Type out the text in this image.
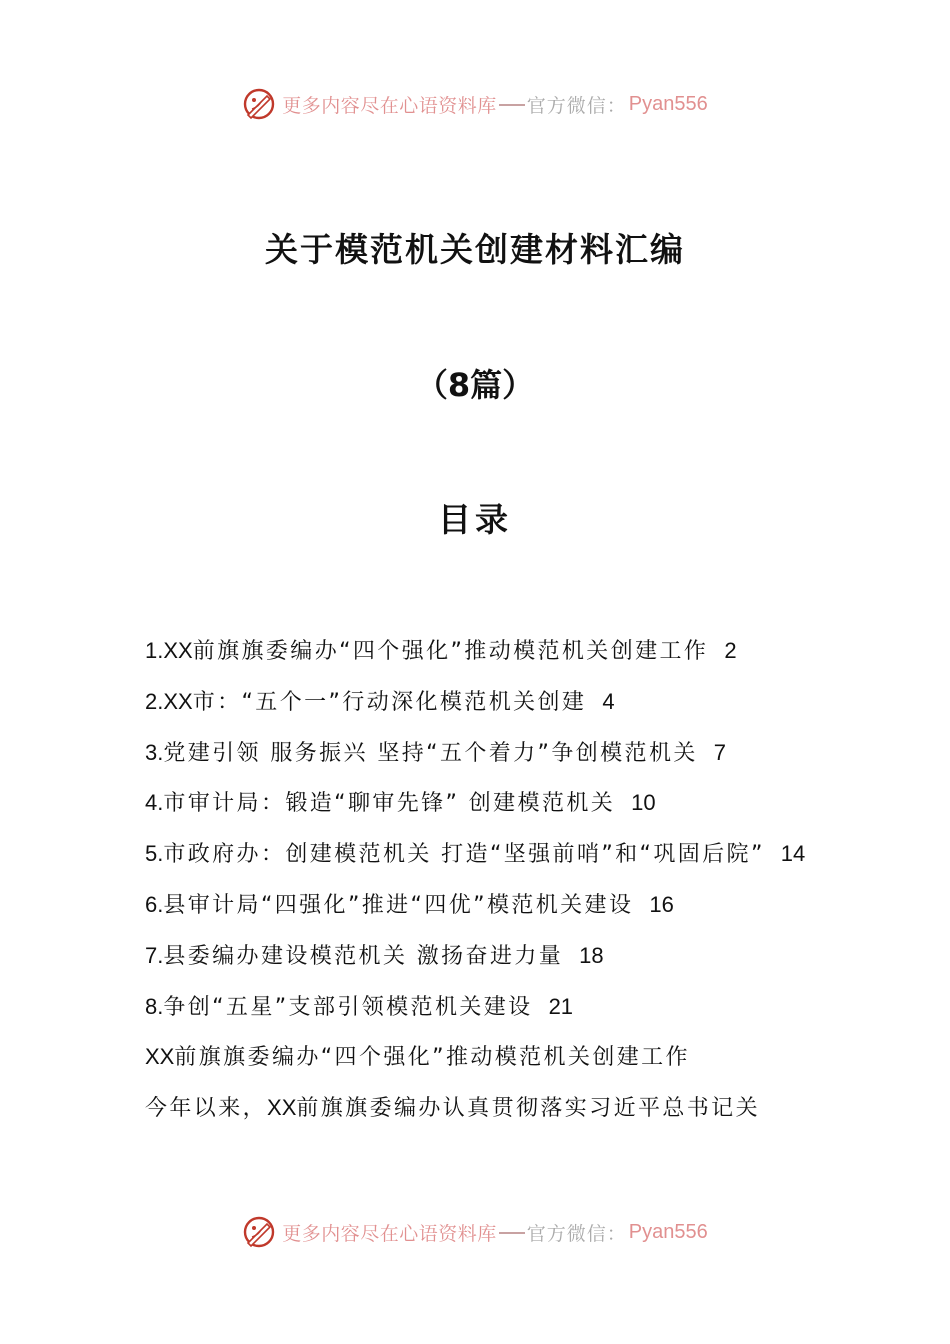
更多内容尽在心语资料库 官方微信： Pyan556
关于模范机关创建材料汇编
（8篇）
目录
1.XX前旗旗委编办“四个强化”推动模范机关创建工作 2
2.XX市：“五个一”行动深化模范机关创建 4
3.党建引领 服务振兴 坚持“五个着力”争创模范机关 7
4.市审计局：锻造“聊审先锋” 创建模范机关 10
5.市政府办：创建模范机关 打造“坚强前哨”和“巩固后院” 14
6.县审计局“四强化”推进“四优”模范机关建设 16
7.县委编办建设模范机关 激扬奋进力量 18
8.争创“五星”支部引领模范机关建设 21
XX前旗旗委编办“四个强化”推动模范机关创建工作
今年以来，XX前旗旗委编办认真贯彻落实习近平总书记关
更多内容尽在心语资料库 官方微信： Pyan556
